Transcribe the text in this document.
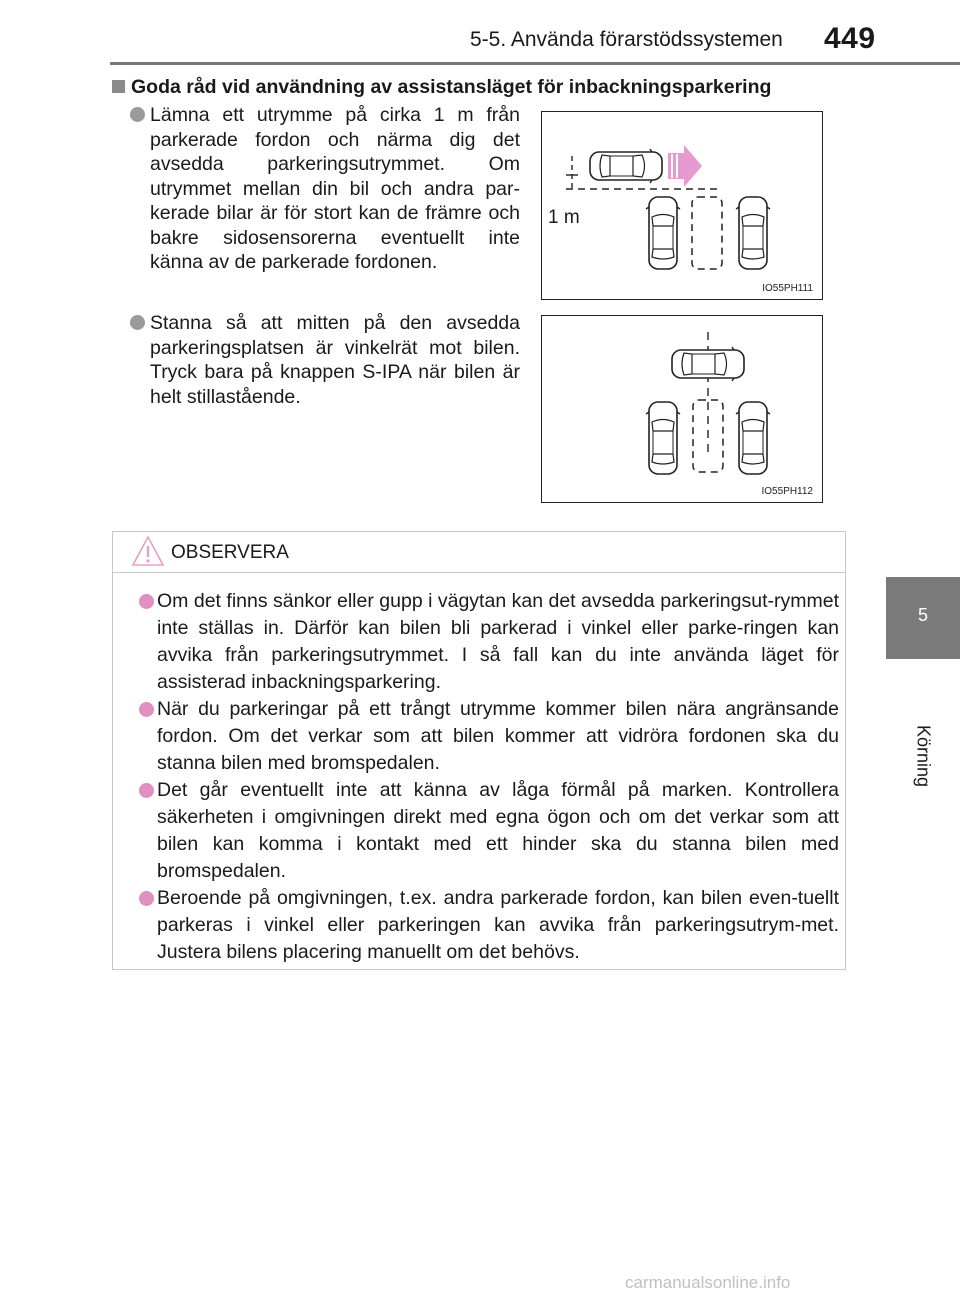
5-5. Använda förarstödssystemen 449
5
Körning
Goda råd vid användning av assistansläget för inbackningsparkering
Lämna ett utrymme på cirka 1 m från parkerade fordon och närma dig det avsedda parkeringsutrymmet. Om utrymmet mellan din bil och andra par-kerade bilar är för stort kan de främre och bakre sidosensorerna eventuellt inte känna av de parkerade fordonen.
1 m
IO55PH111
Stanna så att mitten på den avsedda parkeringsplatsen är vinkelrät mot bilen. Tryck bara på knappen S-IPA när bilen är helt stillastående.
IO55PH112
OBSERVERA
Om det finns sänkor eller gupp i vägytan kan det avsedda parkeringsut-rymmet inte ställas in. Därför kan bilen bli parkerad i vinkel eller parke-ringen kan avvika från parkeringsutrymmet. I så fall kan du inte använda läget för assisterad inbackningsparkering.
När du parkeringar på ett trångt utrymme kommer bilen nära angränsande fordon. Om det verkar som att bilen kommer att vidröra fordonen ska du stanna bilen med bromspedalen.
Det går eventuellt inte att känna av låga förmål på marken. Kontrollera säkerheten i omgivningen direkt med egna ögon och om det verkar som att bilen kan komma i kontakt med ett hinder ska du stanna bilen med bromspedalen.
Beroende på omgivningen, t.ex. andra parkerade fordon, kan bilen even-tuellt parkeras i vinkel eller parkeringen kan avvika från parkeringsutrym-met. Justera bilens placering manuellt om det behövs.
carmanualsonline.info
